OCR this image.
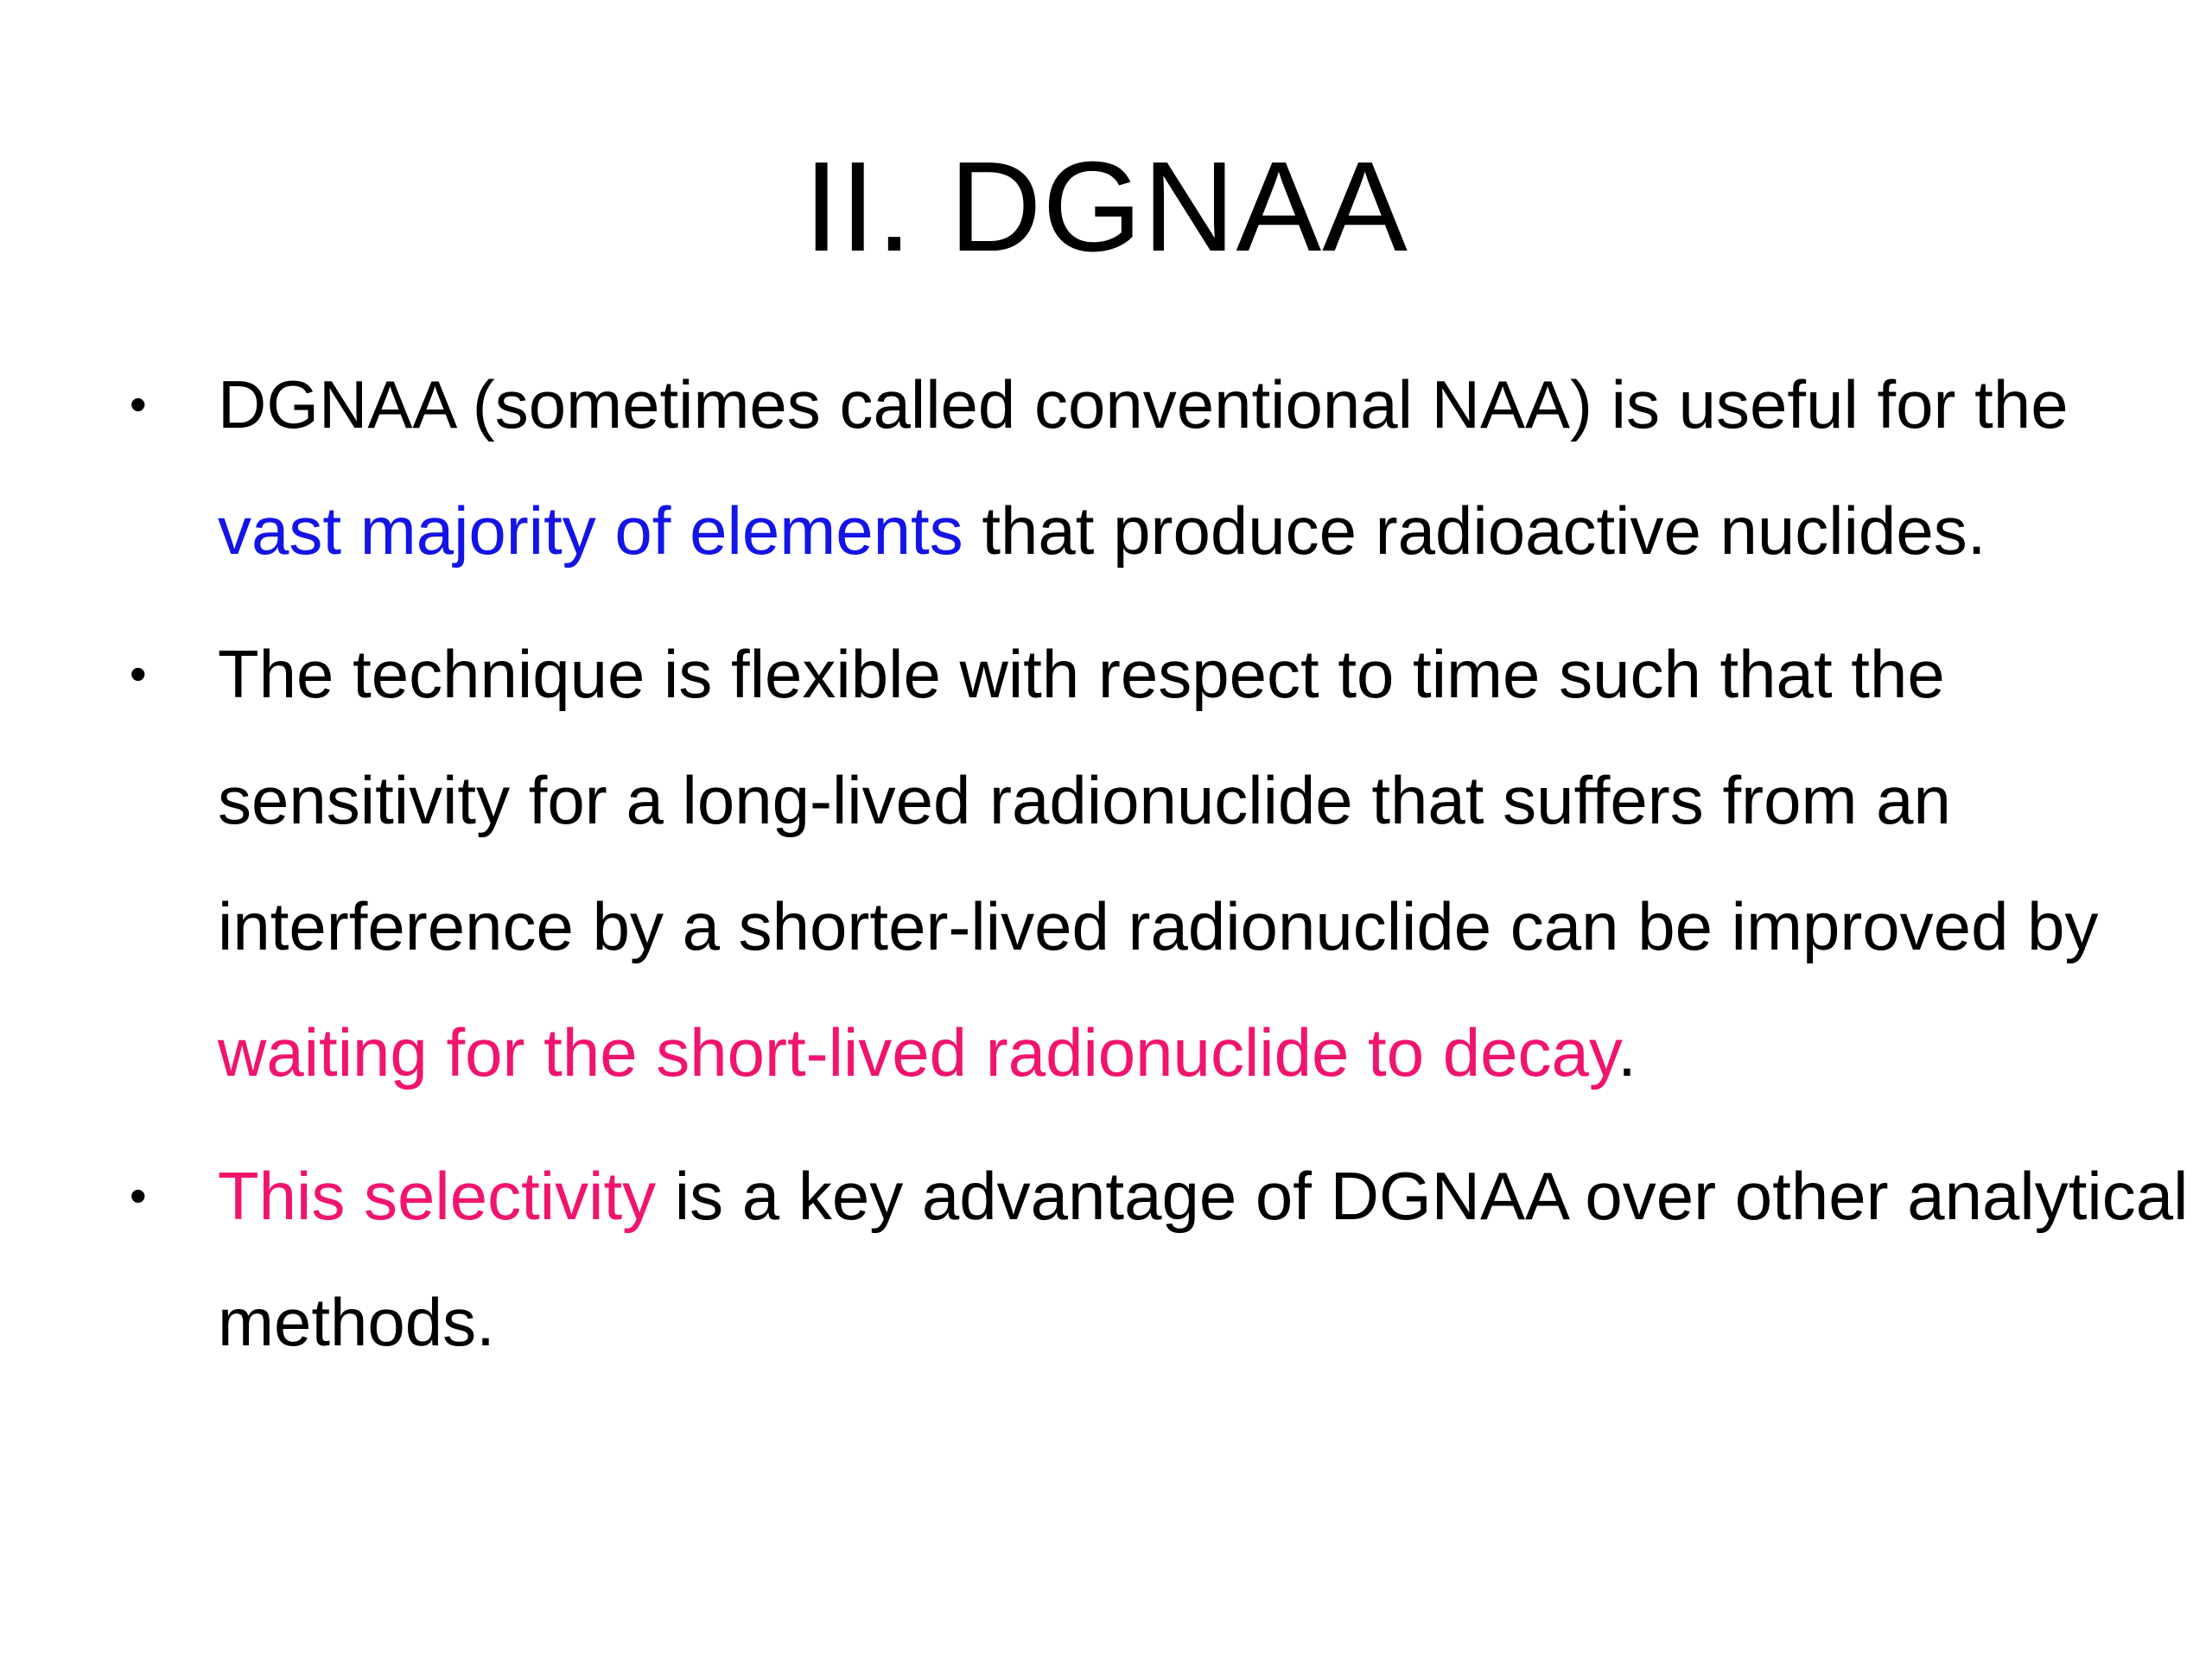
II. DGNAA
• DGNAA (sometimes called conventional NAA) is useful for the vast majority of elements that produce radioactive nuclides.
• The technique is flexible with respect to time such that the sensitivity for a long-lived radionuclide that suffers from an interference by a shorter-lived radionuclide can be improved by waiting for the short-lived radionuclide to decay.
• This selectivity is a key advantage of DGNAA over other analytical methods.
